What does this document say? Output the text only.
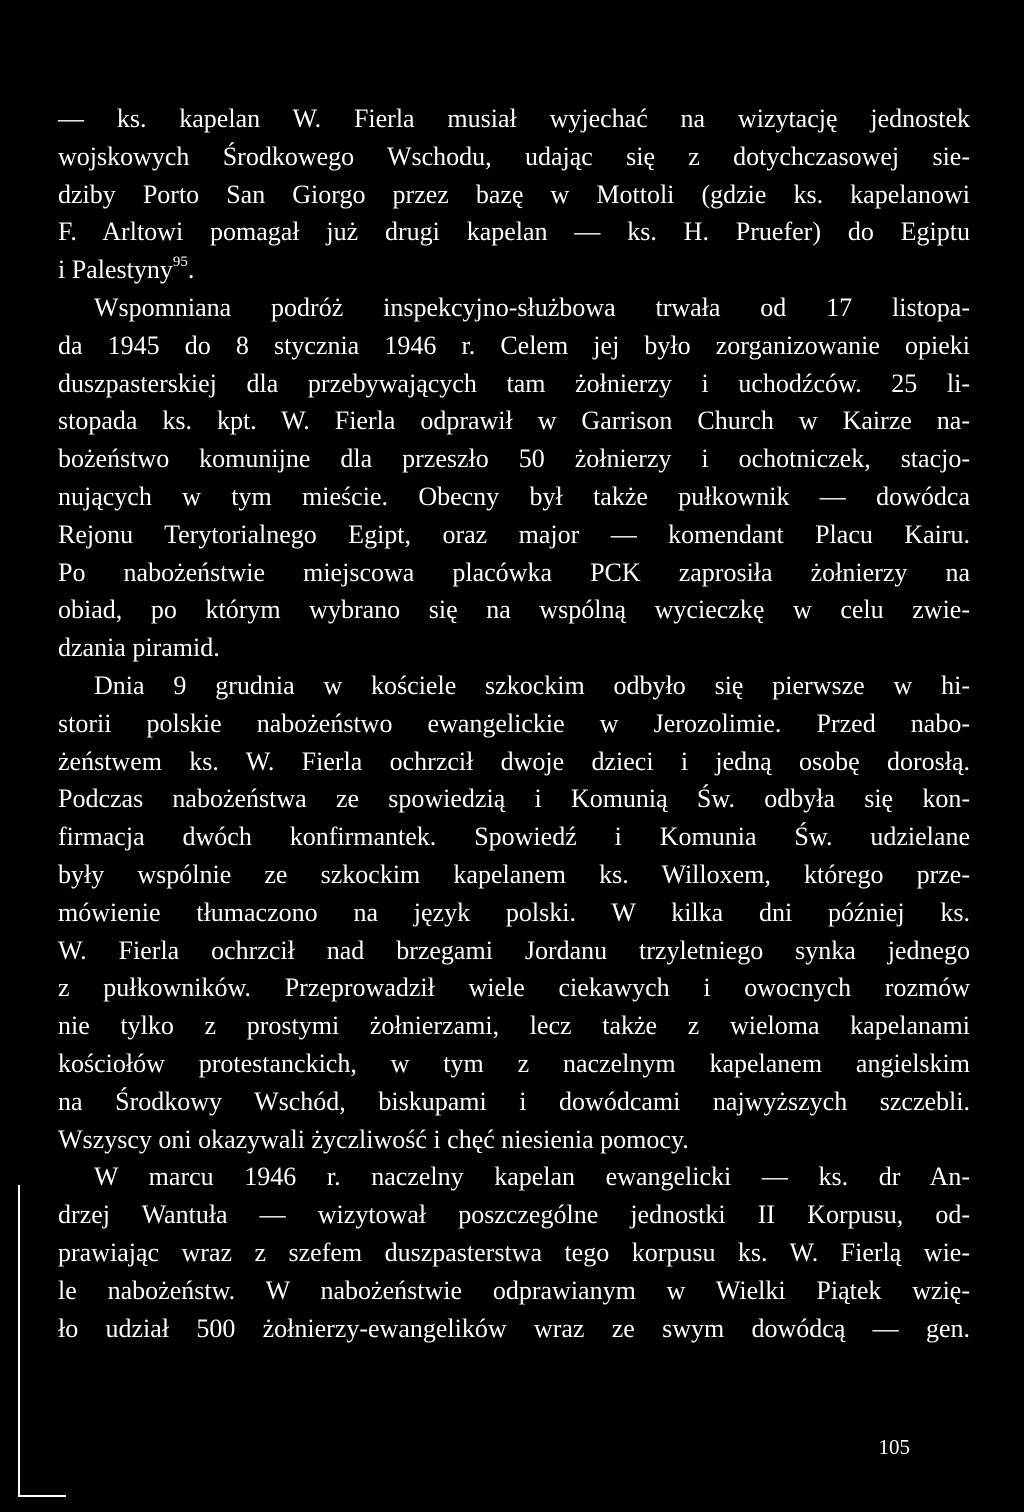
— ks. kapelan W. Fierla musiał wyjechać na wizytację jednostek
wojskowych Środkowego Wschodu, udając się z dotychczasowej sie-
dziby Porto San Giorgo przez bazę w Mottoli (gdzie ks. kapelanowi
F. Arltowi pomagał już drugi kapelan — ks. H. Pruefer) do Egiptu
i Palestyny$^{95}$.
Wspomniana podróż inspekcyjno-służbowa trwała od 17 listopa-
da 1945 do 8 stycznia 1946 r. Celem jej było zorganizowanie opieki
duszpasterskiej dla przebywających tam żołnierzy i uchodźców. 25 li-
stopada ks. kpt. W. Fierla odprawił w Garrison Church w Kairze na-
bożeństwo komunijne dla przeszło 50 żołnierzy i ochotniczek, stacjo-
nujących w tym mieście. Obecny był także pułkownik — dowódca
Rejonu Terytorialnego Egipt, oraz major — komendant Placu Kairu.
Po nabożeństwie miejscowa placówka PCK zaprosiła żołnierzy na
obiad, po którym wybrano się na wspólną wycieczkę w celu zwie-
dzania piramid.
Dnia 9 grudnia w kościele szkockim odbyło się pierwsze w hi-
storii polskie nabożeństwo ewangelickie w Jerozolimie. Przed nabo-
żeństwem ks. W. Fierla ochrzcił dwoje dzieci i jedną osobę dorosłą.
Podczas nabożeństwa ze spowiedzią i Komunią Św. odbyła się kon-
firmacja dwóch konfirmantek. Spowiedź i Komunia Św. udzielane
były wspólnie ze szkockim kapelanem ks. Willoxem, którego prze-
mówienie tłumaczono na język polski. W kilka dni później ks.
W. Fierla ochrzcił nad brzegami Jordanu trzyletniego synka jednego
z pułkowników. Przeprowadził wiele ciekawych i owocnych rozmów
nie tylko z prostymi żołnierzami, lecz także z wieloma kapelanami
kościołów protestanckich, w tym z naczelnym kapelanem angielskim
na Środkowy Wschód, biskupami i dowódcami najwyższych szczebli.
Wszyscy oni okazywali życzliwość i chęć niesienia pomocy.
W marcu 1946 r. naczelny kapelan ewangelicki — ks. dr An-
drzej Wantuła — wizytował poszczególne jednostki II Korpusu, od-
prawiając wraz z szefem duszpasterstwa tego korpusu ks. W. Fierlą wie-
le nabożeństw. W nabożeństwie odprawianym w Wielki Piątek wzię-
ło udział 500 żołnierzy-ewangelików wraz ze swym dowódcą — gen.
105
